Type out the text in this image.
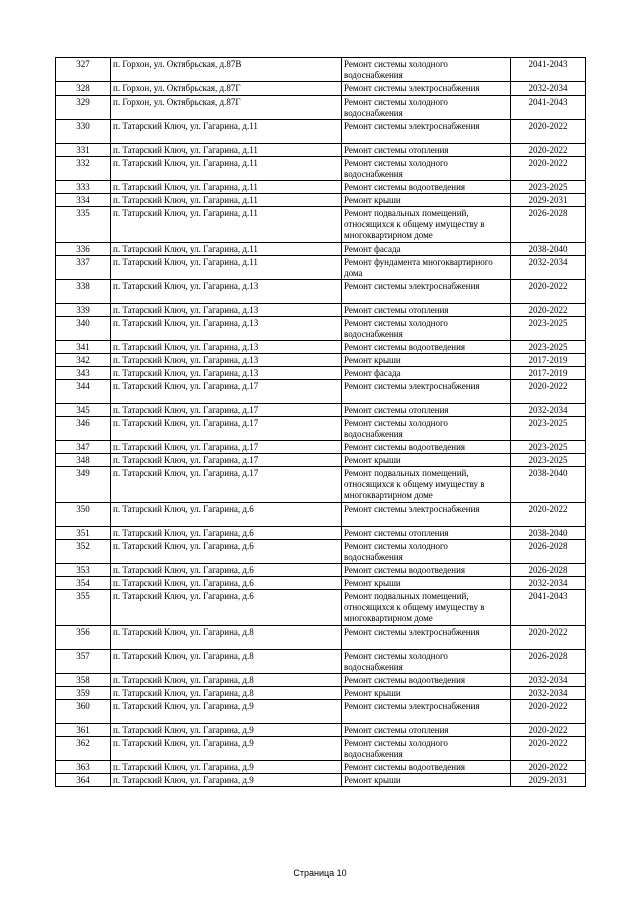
327	п. Горхон, ул. Октябрьская, д.87В	Ремонт системы холодного водоснабжения	2041-2043
328	п. Горхон, ул. Октябрьская, д.87Г	Ремонт системы электроснабжения	2032-2034
329	п. Горхон, ул. Октябрьская, д.87Г	Ремонт системы холодного водоснабжения	2041-2043
330	п. Татарский Ключ, ул. Гагарина, д.11	Ремонт системы электроснабжения	2020-2022
331	п. Татарский Ключ, ул. Гагарина, д.11	Ремонт системы отопления	2020-2022
332	п. Татарский Ключ, ул. Гагарина, д.11	Ремонт системы холодного водоснабжения	2020-2022
333	п. Татарский Ключ, ул. Гагарина, д.11	Ремонт системы водоотведения	2023-2025
334	п. Татарский Ключ, ул. Гагарина, д.11	Ремонт крыши	2029-2031
335	п. Татарский Ключ, ул. Гагарина, д.11	Ремонт подвальных помещений, относящихся к общему имуществу в многоквартирном доме	2026-2028
336	п. Татарский Ключ, ул. Гагарина, д.11	Ремонт фасада	2038-2040
337	п. Татарский Ключ, ул. Гагарина, д.11	Ремонт фундамента многоквартирного дома	2032-2034
338	п. Татарский Ключ, ул. Гагарина, д.13	Ремонт системы электроснабжения	2020-2022
339	п. Татарский Ключ, ул. Гагарина, д.13	Ремонт системы отопления	2020-2022
340	п. Татарский Ключ, ул. Гагарина, д.13	Ремонт системы холодного водоснабжения	2023-2025
341	п. Татарский Ключ, ул. Гагарина, д.13	Ремонт системы водоотведения	2023-2025
342	п. Татарский Ключ, ул. Гагарина, д.13	Ремонт крыши	2017-2019
343	п. Татарский Ключ, ул. Гагарина, д.13	Ремонт фасада	2017-2019
344	п. Татарский Ключ, ул. Гагарина, д.17	Ремонт системы электроснабжения	2020-2022
345	п. Татарский Ключ, ул. Гагарина, д.17	Ремонт системы отопления	2032-2034
346	п. Татарский Ключ, ул. Гагарина, д.17	Ремонт системы холодного водоснабжения	2023-2025
347	п. Татарский Ключ, ул. Гагарина, д.17	Ремонт системы водоотведения	2023-2025
348	п. Татарский Ключ, ул. Гагарина, д.17	Ремонт крыши	2023-2025
349	п. Татарский Ключ, ул. Гагарина, д.17	Ремонт подвальных помещений, относящихся к общему имуществу в многоквартирном доме	2038-2040
350	п. Татарский Ключ, ул. Гагарина, д.6	Ремонт системы электроснабжения	2020-2022
351	п. Татарский Ключ, ул. Гагарина, д.6	Ремонт системы отопления	2038-2040
352	п. Татарский Ключ, ул. Гагарина, д.6	Ремонт системы холодного водоснабжения	2026-2028
353	п. Татарский Ключ, ул. Гагарина, д.6	Ремонт системы водоотведения	2026-2028
354	п. Татарский Ключ, ул. Гагарина, д.6	Ремонт крыши	2032-2034
355	п. Татарский Ключ, ул. Гагарина, д.6	Ремонт подвальных помещений, относящихся к общему имуществу в многоквартирном доме	2041-2043
356	п. Татарский Ключ, ул. Гагарина, д.8	Ремонт системы электроснабжения	2020-2022
357	п. Татарский Ключ, ул. Гагарина, д.8	Ремонт системы холодного водоснабжения	2026-2028
358	п. Татарский Ключ, ул. Гагарина, д.8	Ремонт системы водоотведения	2032-2034
359	п. Татарский Ключ, ул. Гагарина, д.8	Ремонт крыши	2032-2034
360	п. Татарский Ключ, ул. Гагарина, д.9	Ремонт системы электроснабжения	2020-2022
361	п. Татарский Ключ, ул. Гагарина, д.9	Ремонт системы отопления	2020-2022
362	п. Татарский Ключ, ул. Гагарина, д.9	Ремонт системы холодного водоснабжения	2020-2022
363	п. Татарский Ключ, ул. Гагарина, д.9	Ремонт системы водоотведения	2020-2022
364	п. Татарский Ключ, ул. Гагарина, д.9	Ремонт крыши	2029-2031
Страница 10
